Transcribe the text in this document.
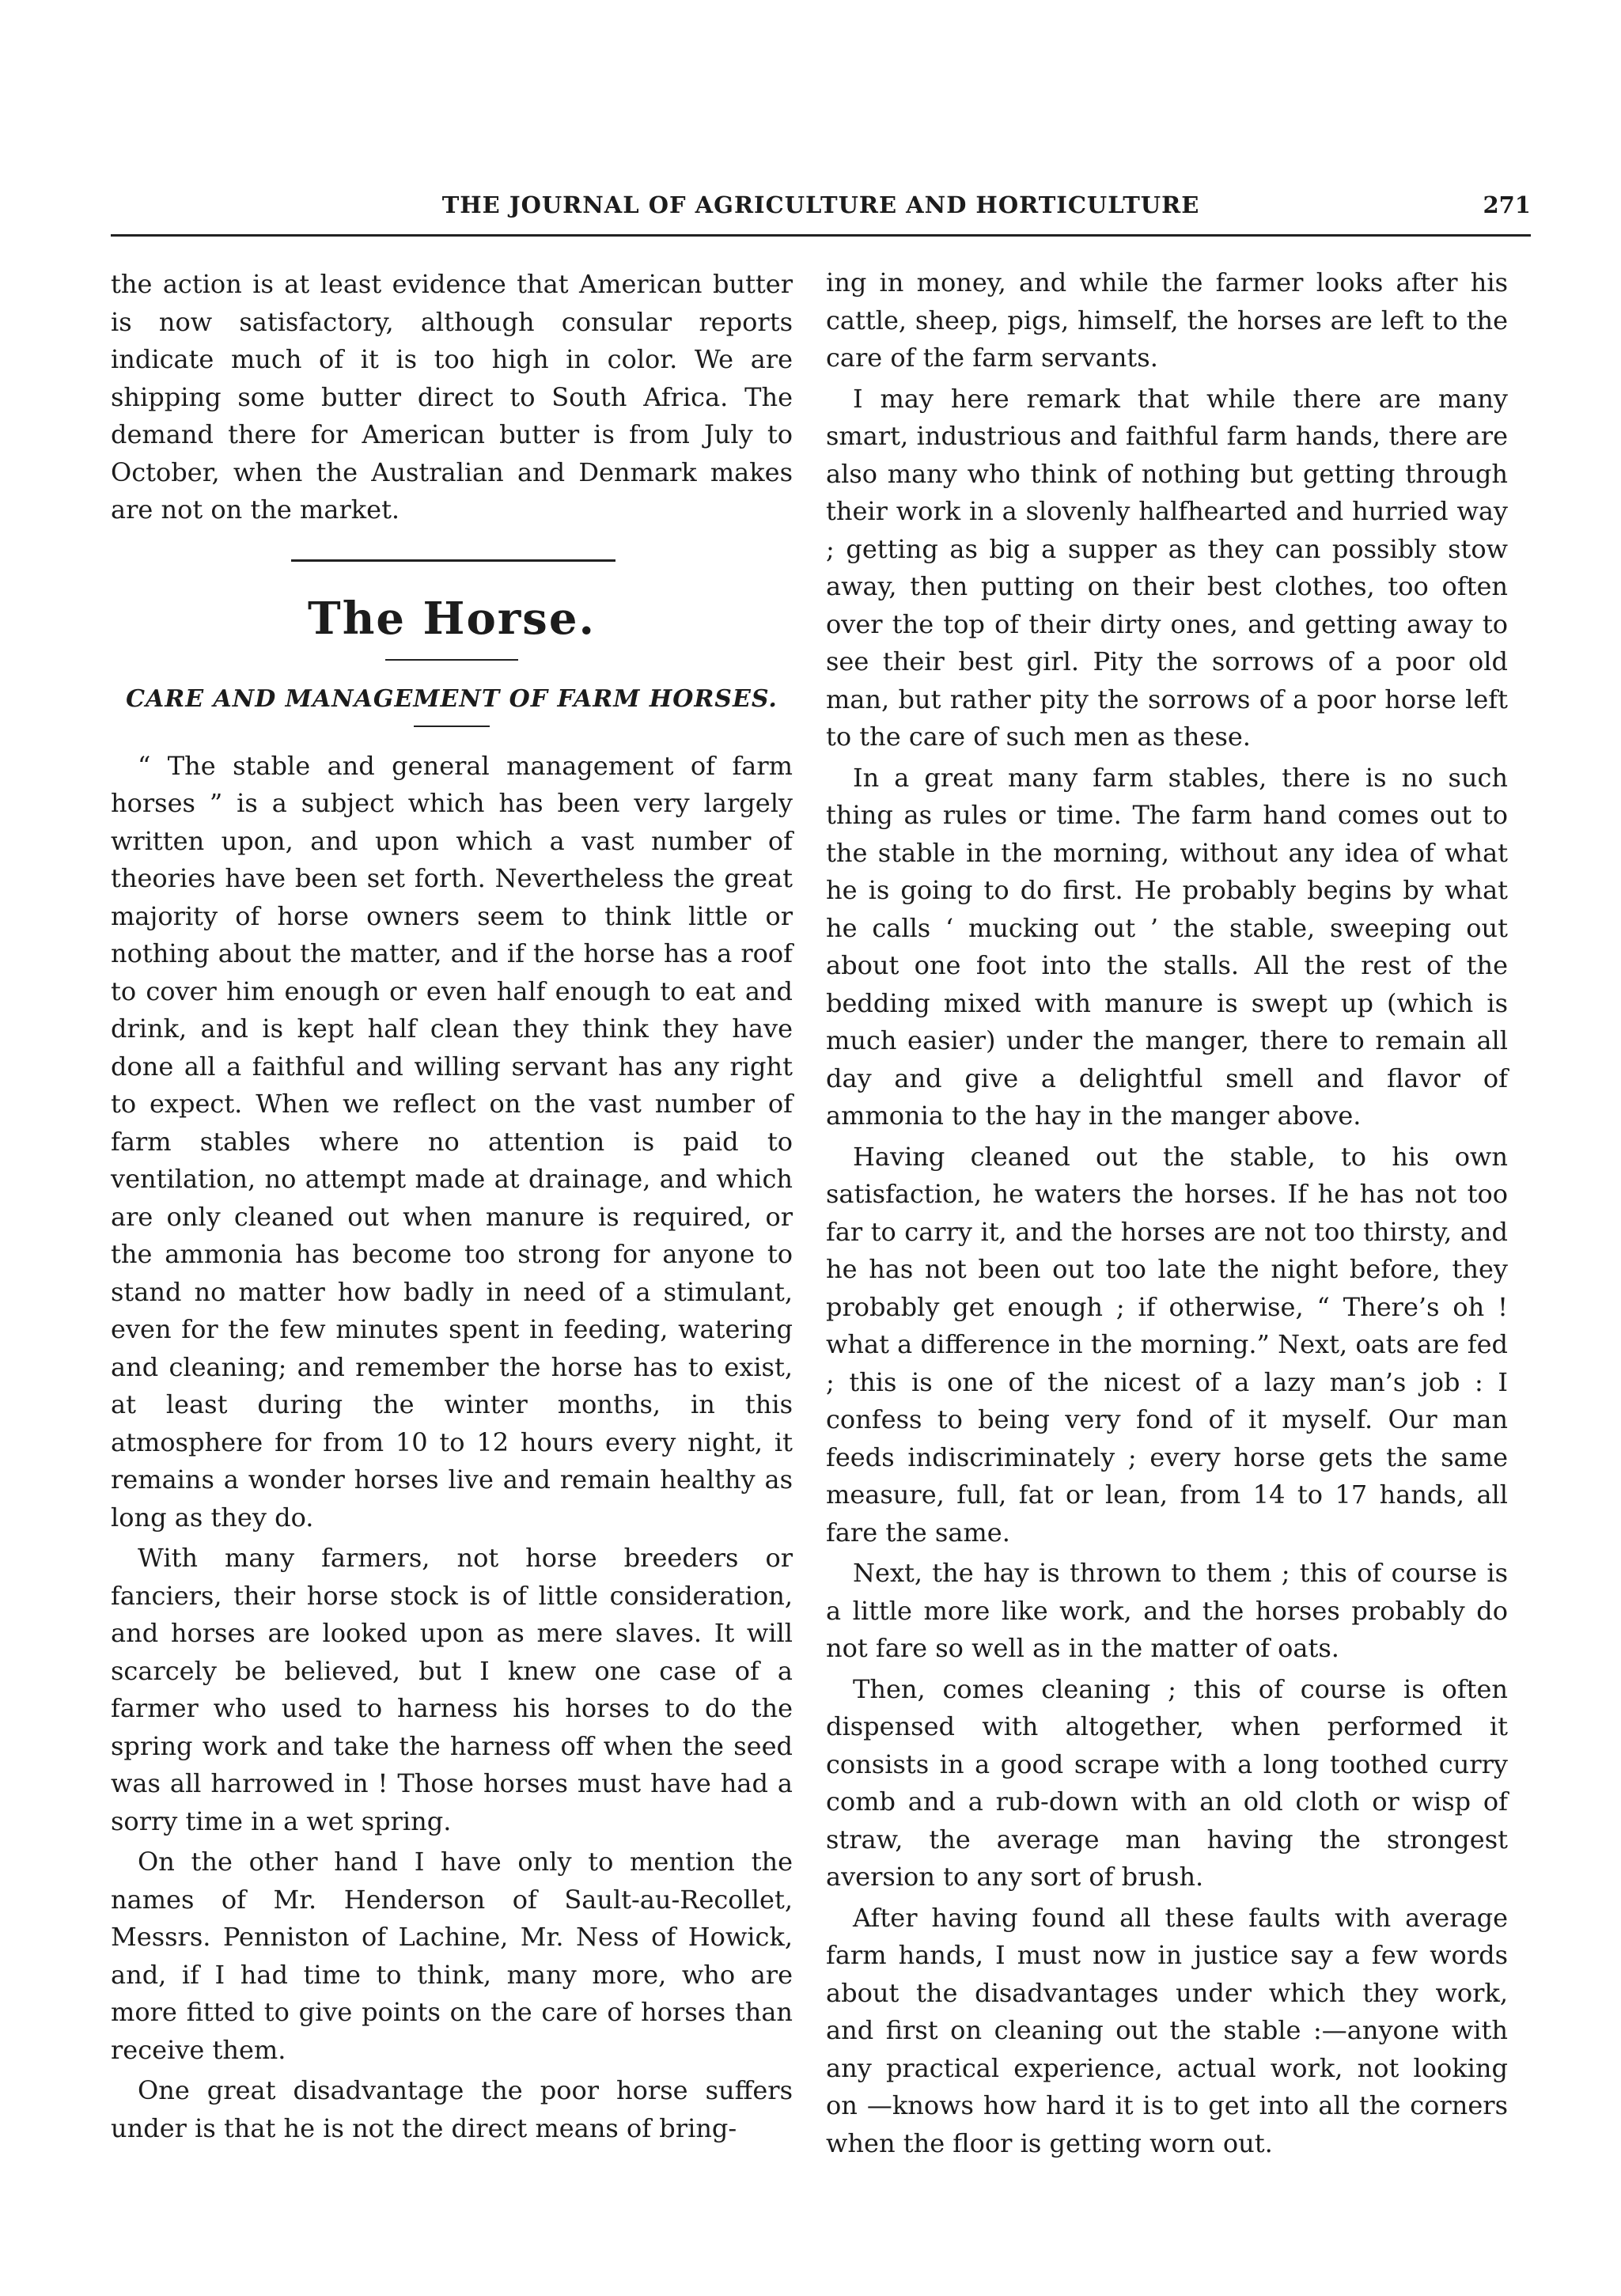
THE JOURNAL OF AGRICULTURE AND HORTICULTURE	271

the action is at least evidence that American butter is now satisfactory, although consular reports indicate much of it is too high in color. We are shipping some butter direct to South Africa. The demand there for American butter is from July to October, when the Australian and Denmark makes are not on the market.

The Horse.
CARE AND MANAGEMENT OF FARM HORSES.

“ The stable and general management of farm horses ” is a subject which has been very largely written upon, and upon which a vast number of theories have been set forth. Nevertheless the great majority of horse owners seem to think little or nothing about the matter, and if the horse has a roof to cover him enough or even half enough to eat and drink, and is kept half clean they think they have done all a faithful and willing servant has any right to expect. When we reflect on the vast number of farm stables where no attention is paid to ventilation, no attempt made at drainage, and which are only cleaned out when manure is required, or the ammonia has become too strong for anyone to stand no matter how badly in need of a stimulant, even for the few minutes spent in feeding, watering and cleaning; and remember the horse has to exist, at least during the winter months, in this atmosphere for from 10 to 12 hours every night, it remains a wonder horses live and remain healthy as long as they do.

With many farmers, not horse breeders or fanciers, their horse stock is of little consideration, and horses are looked upon as mere slaves. It will scarcely be believed, but I knew one case of a farmer who used to harness his horses to do the spring work and take the harness off when the seed was all harrowed in ! Those horses must have had a sorry time in a wet spring.

On the other hand I have only to mention the names of Mr. Henderson of Sault-au-Recollet, Messrs. Penniston of Lachine, Mr. Ness of Howick, and, if I had time to think, many more, who are more fitted to give points on the care of horses than receive them.

One great disadvantage the poor horse suffers under is that he is not the direct means of bring-

ing in money, and while the farmer looks after his cattle, sheep, pigs, himself, the horses are left to the care of the farm servants.

I may here remark that while there are many smart, industrious and faithful farm hands, there are also many who think of nothing but getting through their work in a slovenly halfhearted and hurried way ; getting as big a supper as they can possibly stow away, then putting on their best clothes, too often over the top of their dirty ones, and getting away to see their best girl. Pity the sorrows of a poor old man, but rather pity the sorrows of a poor horse left to the care of such men as these.

In a great many farm stables, there is no such thing as rules or time. The farm hand comes out to the stable in the morning, without any idea of what he is going to do first. He probably begins by what he calls ‘ mucking out ’ the stable, sweeping out about one foot into the stalls. All the rest of the bedding mixed with manure is swept up (which is much easier) under the manger, there to remain all day and give a delightful smell and flavor of ammonia to the hay in the manger above.

Having cleaned out the stable, to his own satisfaction, he waters the horses. If he has not too far to carry it, and the horses are not too thirsty, and he has not been out too late the night before, they probably get enough ; if otherwise, “ There’s oh ! what a difference in the morning.” Next, oats are fed ; this is one of the nicest of a lazy man’s job : I confess to being very fond of it myself. Our man feeds indiscriminately ; every horse gets the same measure, full, fat or lean, from 14 to 17 hands, all fare the same.

Next, the hay is thrown to them ; this of course is a little more like work, and the horses probably do not fare so well as in the matter of oats.

Then, comes cleaning ; this of course is often dispensed with altogether, when performed it consists in a good scrape with a long toothed curry comb and a rub-down with an old cloth or wisp of straw, the average man having the strongest aversion to any sort of brush.

After having found all these faults with average farm hands, I must now in justice say a few words about the disadvantages under which they work, and first on cleaning out the stable :—anyone with any practical experience, actual work, not looking on —knows how hard it is to get into all the corners when the floor is getting worn out.
